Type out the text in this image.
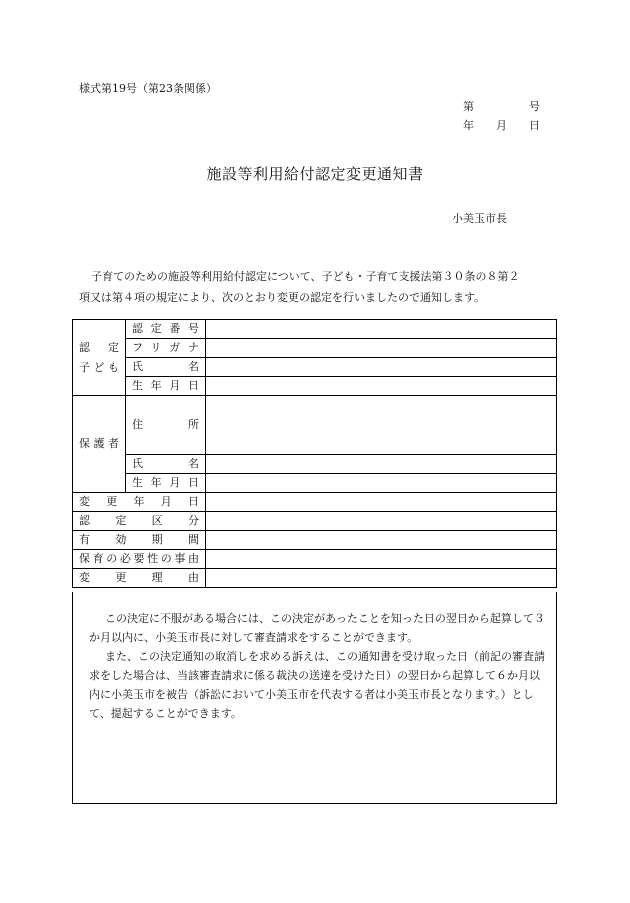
様式第19号（第23条関係）
第　　　　　号
年　　月　　日
施設等利用給付認定変更通知書
小美玉市長

子育てのための施設等利用給付認定について、子ども・子育て支援法第３０条の８第２

項又は第４項の規定により、次のとおり変更の認定を行いましたので通知します。

認　定
子ども	認定番号	
	フリガナ	
	氏名	
	生年月日	
保護者	住所	
	氏名	
	生年月日	
変更年月日		
認定区分		
有効期間		
保育の必要性の事由		
変更理由		

この決定に不服がある場合には、この決定があったことを知った日の翌日から起算して３か月以内に、小美玉市長に対して審査請求をすることができます。

また、この決定通知の取消しを求める訴えは、この通知書を受け取った日（前記の審査請求をした場合は、当該審査請求に係る裁決の送達を受けた日）の翌日から起算して６か月以内に小美玉市を被告（訴訟において小美玉市を代表する者は小美玉市長となります。）として、提起することができます。
